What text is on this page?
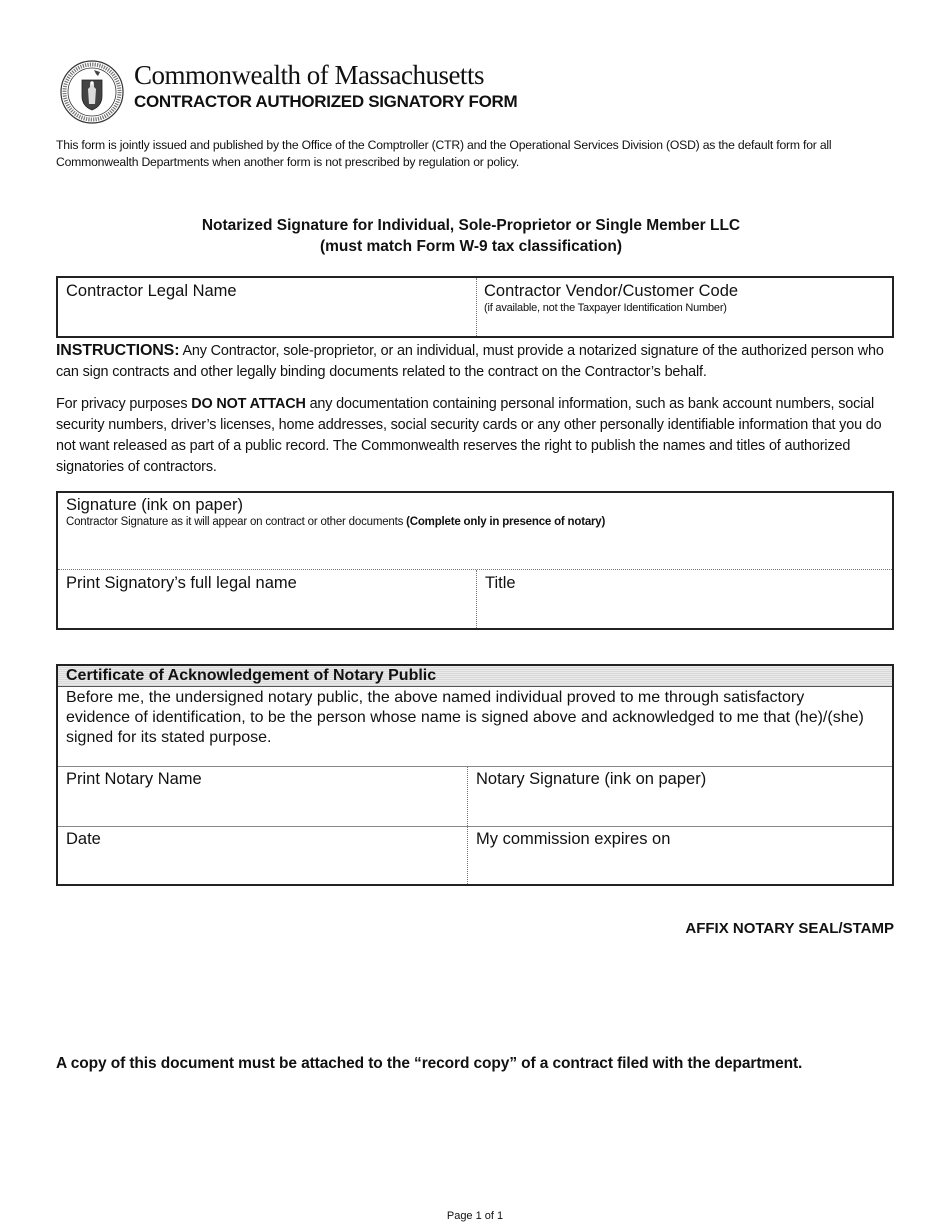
Commonwealth of Massachusetts
CONTRACTOR AUTHORIZED SIGNATORY FORM
This form is jointly issued and published by the Office of the Comptroller (CTR) and the Operational Services Division (OSD) as the default form for all Commonwealth Departments when another form is not prescribed by regulation or policy.
Notarized Signature for Individual, Sole-Proprietor or Single Member LLC
(must match Form W-9 tax classification)
Contractor Legal Name	Contractor Vendor/Customer Code
(if available, not the Taxpayer Identification Number)
INSTRUCTIONS: Any Contractor, sole-proprietor, or an individual, must provide a notarized signature of the authorized person who can sign contracts and other legally binding documents related to the contract on the Contractor’s behalf.
For privacy purposes DO NOT ATTACH any documentation containing personal information, such as bank account numbers, social security numbers, driver’s licenses, home addresses, social security cards or any other personally identifiable information that you do not want released as part of a public record. The Commonwealth reserves the right to publish the names and titles of authorized signatories of contractors.
Signature (ink on paper)
Contractor Signature as it will appear on contract or other documents (Complete only in presence of notary)
Print Signatory’s full legal name	Title
Certificate of Acknowledgement of Notary Public
Before me, the undersigned notary public, the above named individual proved to me through satisfactory evidence of identification, to be the person whose name is signed above and acknowledged to me that (he)/(she) signed for its stated purpose.
Print Notary Name	Notary Signature (ink on paper)
Date	My commission expires on
AFFIX NOTARY SEAL/STAMP
A copy of this document must be attached to the “record copy” of a contract filed with the department.
Page 1 of 1
